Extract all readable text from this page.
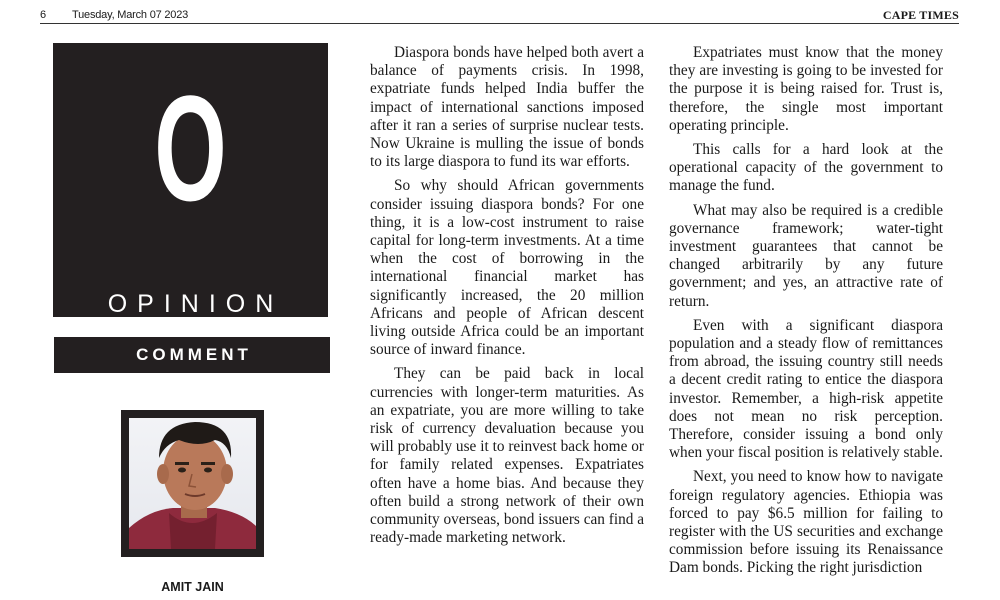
6 Tuesday, March 07 2023	CAPE TIMES
O
OPINION
COMMENT
AMIT JAIN

Diaspora bonds have helped both avert a balance of payments crisis. In 1998, expatriate funds helped India buffer the impact of international sanctions imposed after it ran a series of surprise nuclear tests. Now Ukraine is mulling the issue of bonds to its large diaspora to fund its war efforts.

So why should African governments consider issuing diaspora bonds? For one thing, it is a low-cost instrument to raise capital for long-term investments. At a time when the cost of borrowing in the international financial market has significantly increased, the 20 million Africans and people of African descent living outside Africa could be an important source of inward finance.

They can be paid back in local currencies with longer-term maturities. As an expatriate, you are more willing to take risk of currency devaluation because you will probably use it to reinvest back home or for family related expenses. Expatriates often have a home bias. And because they often build a strong network of their own community overseas, bond issuers can find a ready-made marketing network.

Expatriates must know that the money they are investing is going to be invested for the purpose it is being raised for. Trust is, therefore, the single most important operating principle.

This calls for a hard look at the operational capacity of the government to manage the fund.

What may also be required is a credible governance framework; water-tight investment guarantees that cannot be changed arbitrarily by any future government; and yes, an attractive rate of return.

Even with a significant diaspora population and a steady flow of remittances from abroad, the issuing country still needs a decent credit rating to entice the diaspora investor. Remember, a high-risk appetite does not mean no risk perception. Therefore, consider issuing a bond only when your fiscal position is relatively stable.

Next, you need to know how to navigate foreign regulatory agencies. Ethiopia was forced to pay $6.5 million for failing to register with the US securities and exchange commission before issuing its Renaissance Dam bonds. Picking the right jurisdiction
